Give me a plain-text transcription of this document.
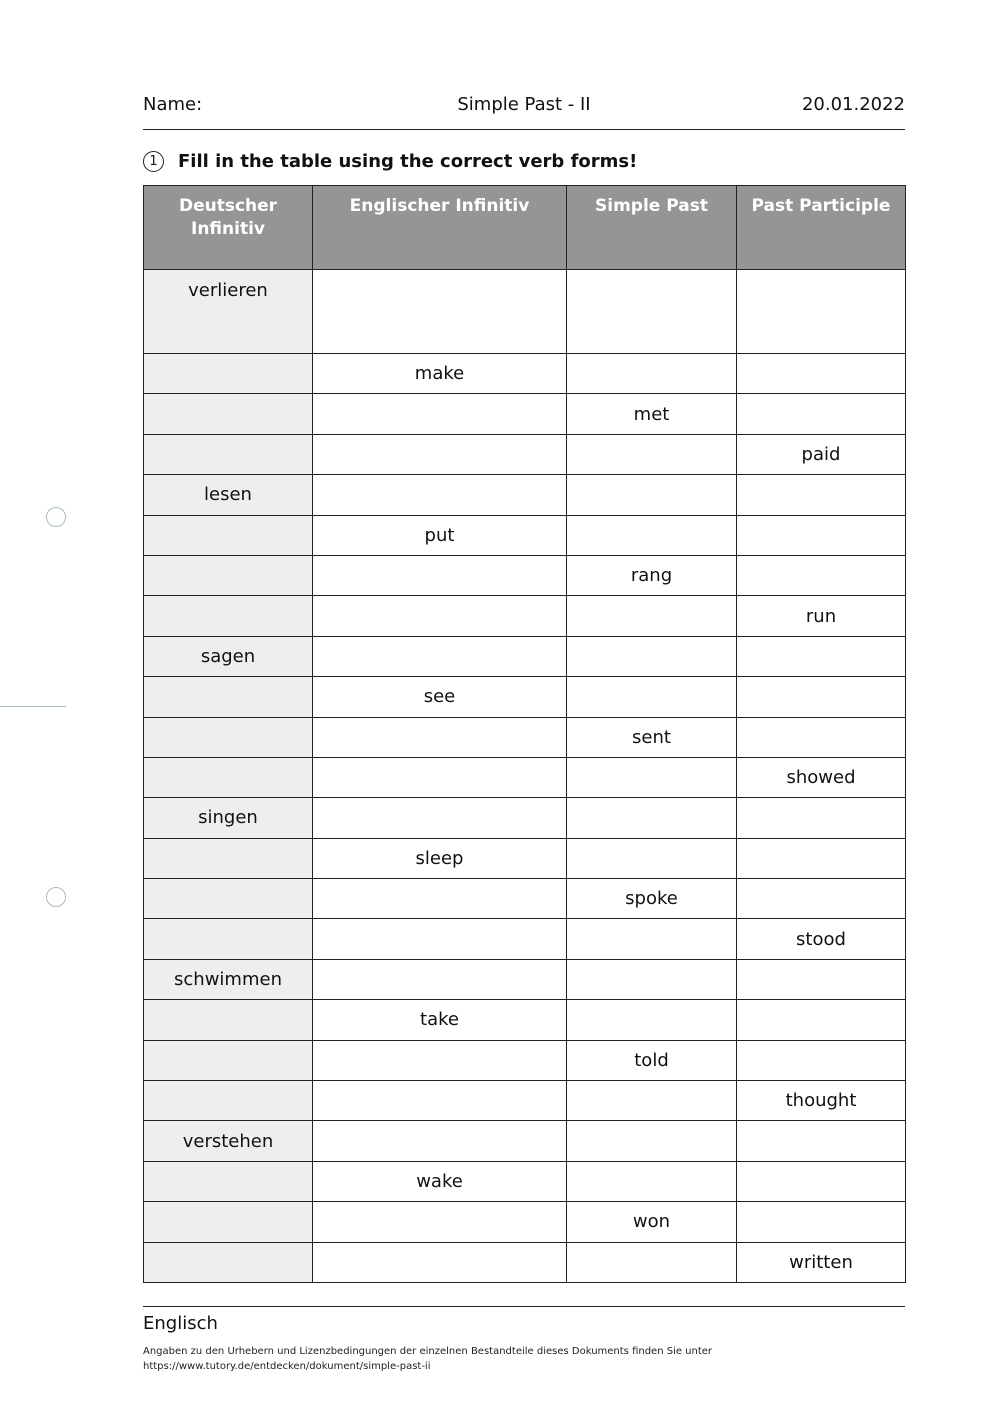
Name:	Simple Past - II	20.01.2022
1	Fill in the table using the correct verb forms!
Deutscher Infinitiv	Englischer Infinitiv	Simple Past	Past Participle
verlieren			
	make		
		met	
			paid
lesen			
	put		
		rang	
			run
sagen			
	see		
		sent	
			showed
singen			
	sleep		
		spoke	
			stood
schwimmen			
	take		
		told	
			thought
verstehen			
	wake		
		won	
			written
Englisch
Angaben zu den Urhebern und Lizenzbedingungen der einzelnen Bestandteile dieses Dokuments finden Sie unter
https://www.tutory.de/entdecken/dokument/simple-past-ii
